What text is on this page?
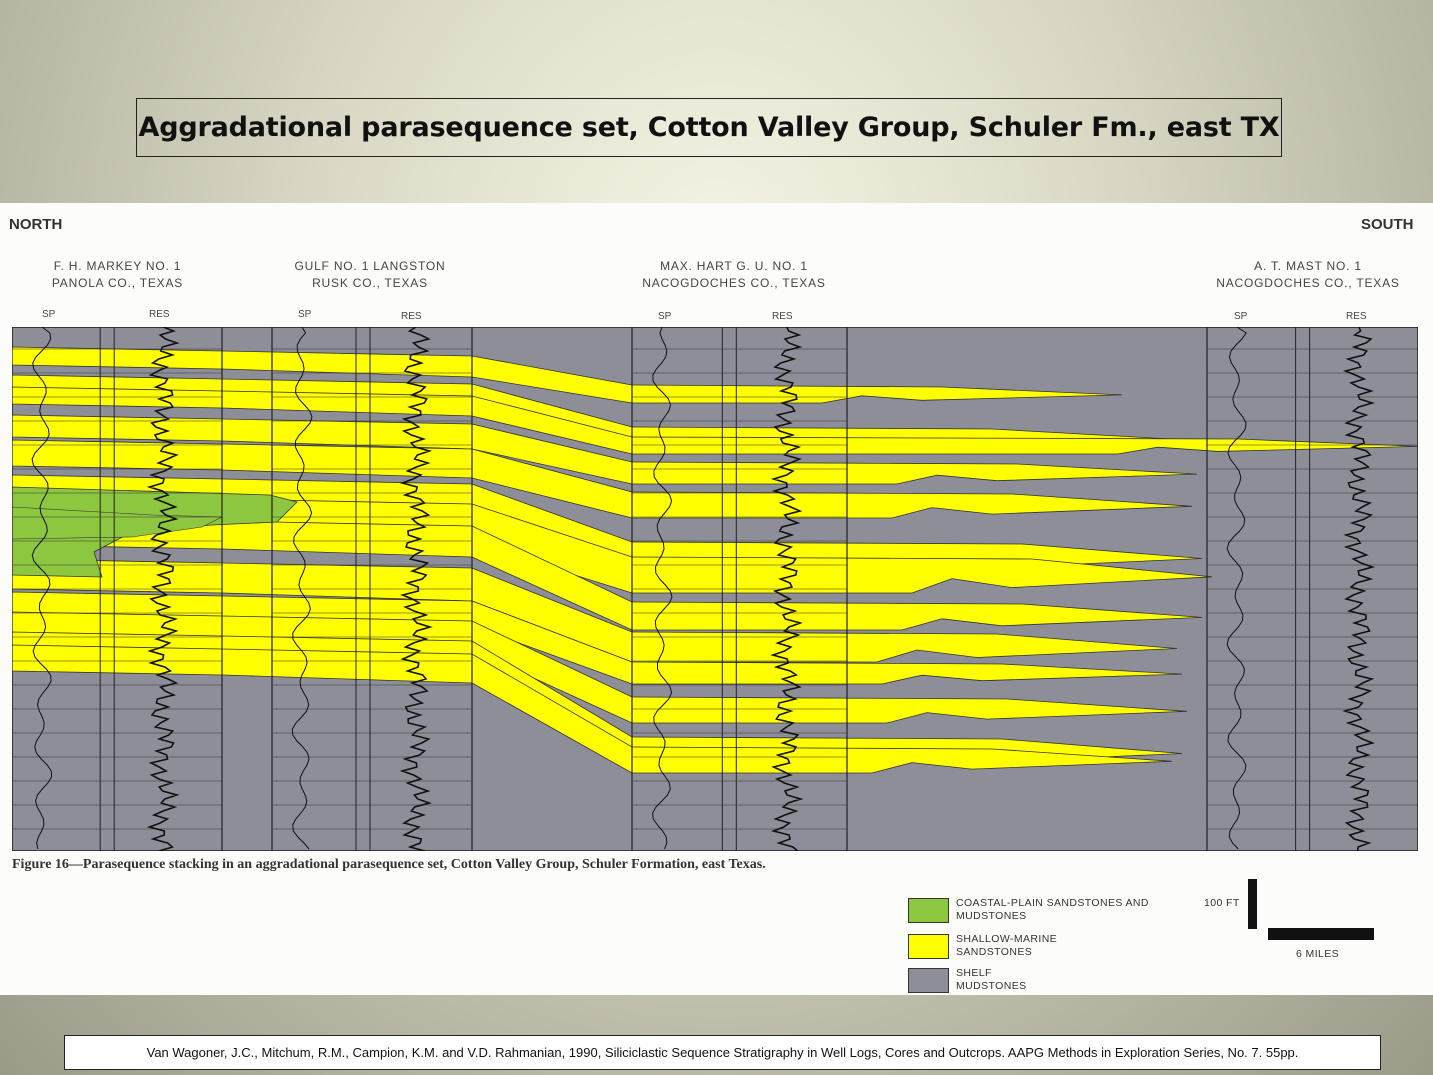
Aggradational parasequence set, Cotton Valley Group, Schuler Fm., east TX
NORTH	SOUTH
F. H. MARKEY NO. 1
PANOLA CO., TEXAS
GULF NO. 1 LANGSTON
RUSK CO., TEXAS
MAX. HART G. U. NO. 1
NACOGDOCHES CO., TEXAS
A. T. MAST NO. 1
NACOGDOCHES CO., TEXAS
SP	RES	SP	RES	SP	RES	SP	RES
Figure 16—Parasequence stacking in an aggradational parasequence set, Cotton Valley Group, Schuler Formation, east Texas.
COASTAL-PLAIN SANDSTONES AND MUDSTONES
SHALLOW-MARINE SANDSTONES
SHELF MUDSTONES
100 FT
6 MILES
Van Wagoner, J.C., Mitchum, R.M., Campion, K.M. and V.D. Rahmanian, 1990, Siliciclastic Sequence Stratigraphy in Well Logs, Cores and Outcrops. AAPG Methods in Exploration Series, No. 7. 55pp.
